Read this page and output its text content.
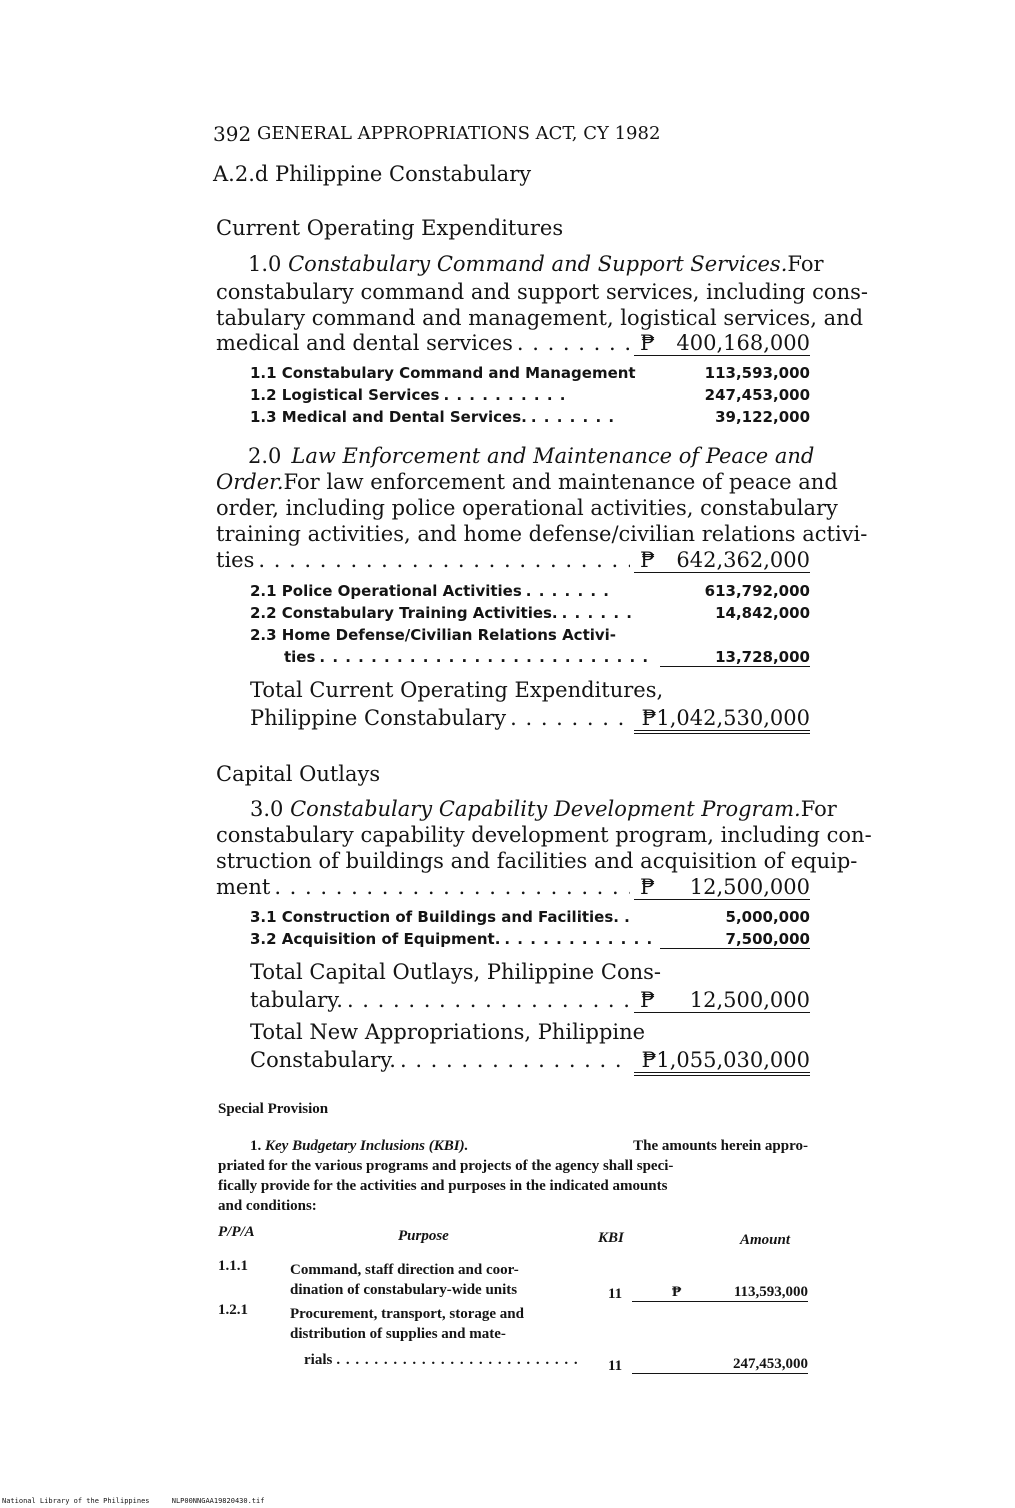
392 GENERAL APPROPRIATIONS ACT, CY 1982
A.2.d Philippine Constabulary
Current Operating Expenditures
1.0 Constabulary Command and Support Services. For
constabulary command and support services, including cons-
tabulary command and management, logistical services, and
medical and dental services . . .	₱ 400,168,000
1.1 Constabulary Command and Management	113,593,000
1.2 Logistical Services . . .	247,453,000
1.3 Medical and Dental Services. . . .	39,122,000
2.0 Law Enforcement and Maintenance of Peace and
Order. For law enforcement and maintenance of peace and
order, including police operational activities, constabulary
training activities, and home defense/civilian relations activi-
ties . . .	₱ 642,362,000
2.1 Police Operational Activities . . .	613,792,000
2.2 Constabulary Training Activities. . . .	14,842,000
2.3 Home Defense/Civilian Relations Activi-
ties . . .	13,728,000
Total Current Operating Expenditures,
Philippine Constabulary . . .	₱1,042,530,000
Capital Outlays
3.0 Constabulary Capability Development Program. For
constabulary capability development program, including con-
struction of buildings and facilities and acquisition of equip-
ment . . .	₱ 12,500,000
3.1 Construction of Buildings and Facilities. .	5,000,000
3.2 Acquisition of Equipment. . . .	7,500,000
Total Capital Outlays, Philippine Cons-
tabulary. . . .	₱ 12,500,000
Total New Appropriations, Philippine
Constabulary. . . .	₱1,055,030,000
Special Provision
1. Key Budgetary Inclusions (KBI).	The amounts herein appro-
priated for the various programs and projects of the agency shall speci-
fically provide for the activities and purposes in the indicated amounts
and conditions:
P/P/A	Purpose	KBI	Amount
1.1.1	Command, staff direction and coor-
dination of constabulary-wide units	11	₱	113,593,000
1.2.1	Procurement, transport, storage and
distribution of supplies and mate-
rials . . .	11	247,453,000
National Library of the Philippines	NLP00NNGAA19820430.tif
